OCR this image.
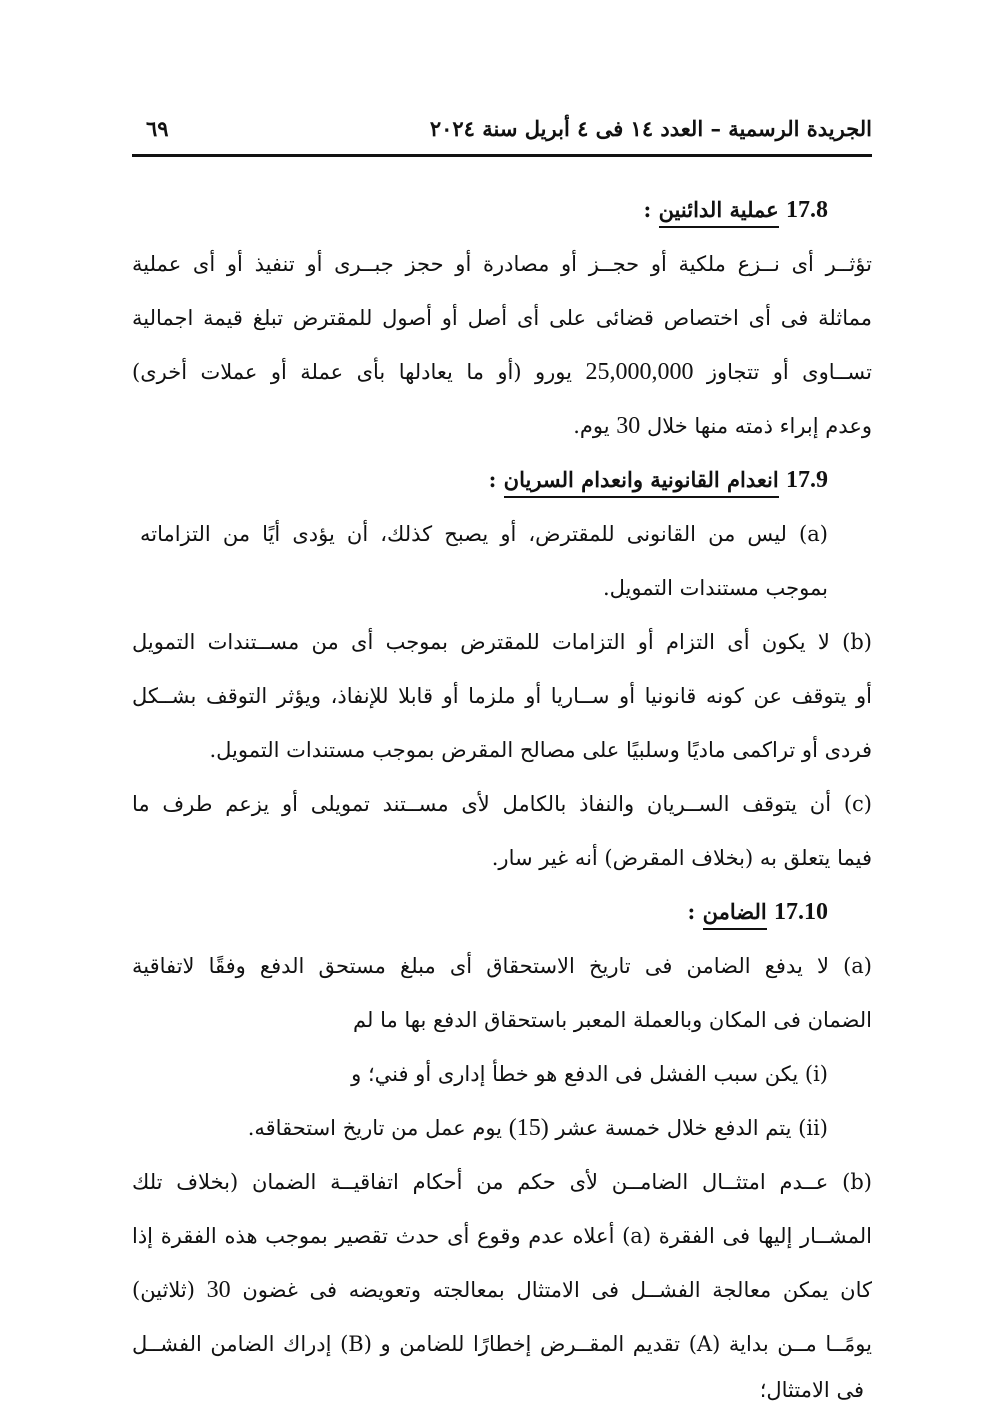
الجريدة الرسمية – العدد ١٤ فى ٤ أبريل سنة ٢٠٢٤
٦٩
17.8 عملية الدائنين :
تؤثــر أى نــزع ملكية أو حجــز أو مصادرة أو حجز جبــرى أو تنفيذ أو أى عملية
مماثلة فى أى اختصاص قضائى على أى أصل أو أصول للمقترض تبلغ قيمة اجمالية
تســاوى أو تتجاوز 25,000,000 يورو (أو ما يعادلها بأى عملة أو عملات أخرى)
وعدم إبراء ذمته منها خلال 30 يوم.
17.9 انعدام القانونية وانعدام السريان :
(a) ليس من القانونى للمقترض، أو يصبح كذلك، أن يؤدى أيًا من التزاماته
بموجب مستندات التمويل.
(b) لا يكون أى التزام أو التزامات للمقترض بموجب أى من مســتندات التمويل
أو يتوقف عن كونه قانونيا أو ســاريا أو ملزما أو قابلا للإنفاذ، ويؤثر التوقف بشــكل
فردى أو تراكمى ماديًا وسلبيًا على مصالح المقرض بموجب مستندات التمويل.
(c) أن يتوقف الســريان والنفاذ بالكامل لأى مســتند تمويلى أو يزعم طرف ما
فيما يتعلق به (بخلاف المقرض) أنه غير سار.
17.10 الضامن :
(a) لا يدفع الضامن فى تاريخ الاستحقاق أى مبلغ مستحق الدفع وفقًا لاتفاقية
الضمان فى المكان وبالعملة المعبر باستحقاق الدفع بها ما لم
(i) يكن سبب الفشل فى الدفع هو خطأ إدارى أو فني؛ و
(ii) يتم الدفع خلال خمسة عشر (15) يوم عمل من تاريخ استحقاقه.
(b) عــدم امتثــال الضامــن لأى حكم من أحكام اتفاقيــة الضمان (بخلاف تلك
المشــار إليها فى الفقرة (a) أعلاه عدم وقوع أى حدث تقصير بموجب هذه الفقرة إذا
كان يمكن معالجة الفشــل فى الامتثال بمعالجته وتعويضه فى غضون 30 (ثلاثين)
يومًــا مــن بداية (A) تقديم المقــرض إخطارًا للضامن و (B) إدراك الضامن الفشــل
فى الامتثال؛
